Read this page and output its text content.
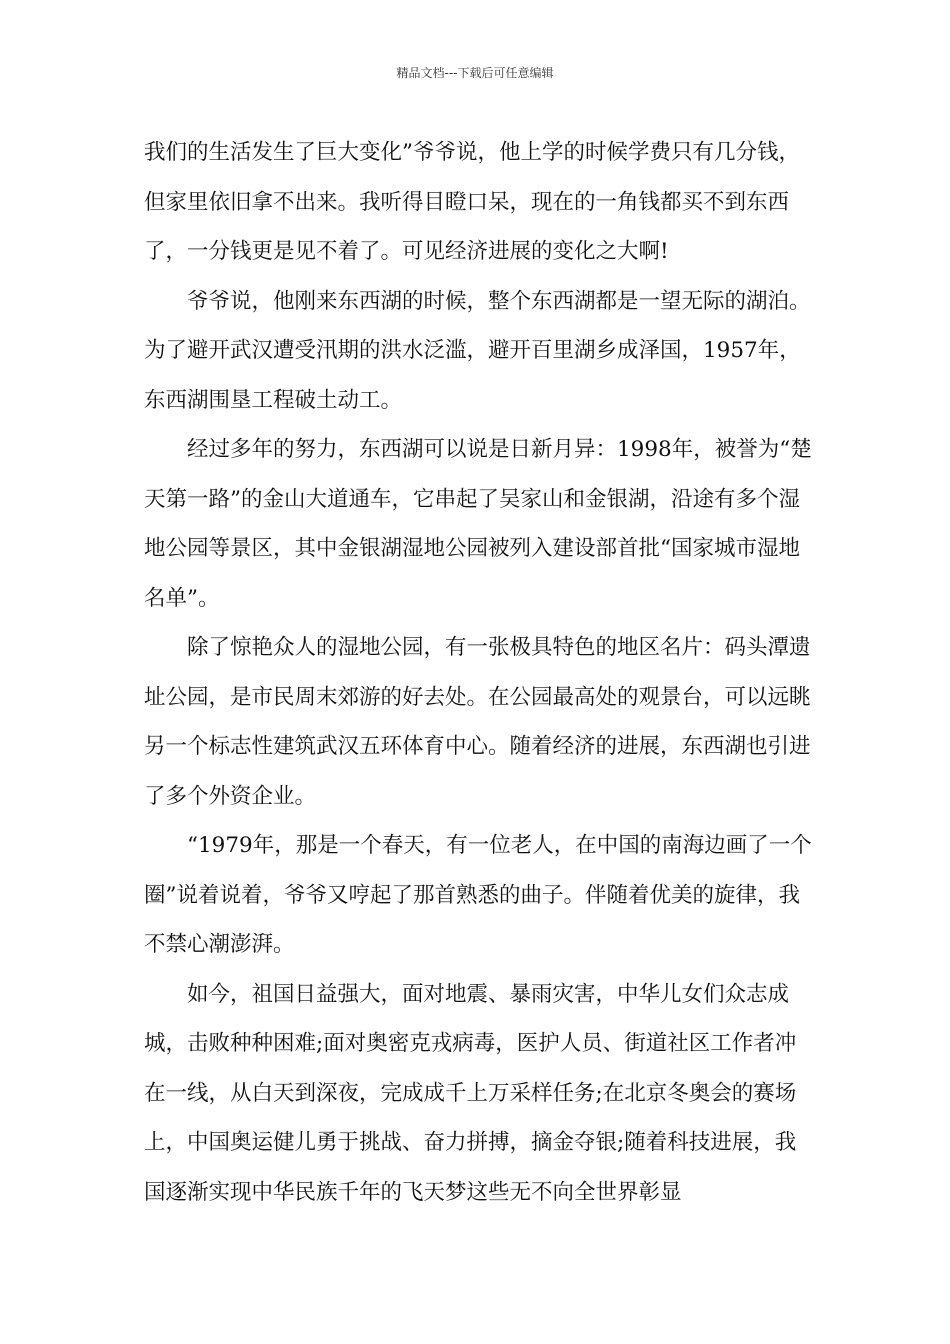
精品文档---下载后可任意编辑

我们的生活发生了巨大变化”爷爷说，他上学的时候学费只有几分钱，但家里依旧拿不出来。我听得目瞪口呆，现在的一角钱都买不到东西了，一分钱更是见不着了。可见经济进展的变化之大啊!

爷爷说，他刚来东西湖的时候，整个东西湖都是一望无际的湖泊。为了避开武汉遭受汛期的洪水泛滥，避开百里湖乡成泽国，1957年，东西湖围垦工程破土动工。

经过多年的努力，东西湖可以说是日新月异：1998年，被誉为“楚天第一路”的金山大道通车，它串起了吴家山和金银湖，沿途有多个湿地公园等景区，其中金银湖湿地公园被列入建设部首批“国家城市湿地名单”。

除了惊艳众人的湿地公园，有一张极具特色的地区名片：码头潭遗址公园，是市民周末郊游的好去处。在公园最高处的观景台，可以远眺另一个标志性建筑武汉五环体育中心。随着经济的进展，东西湖也引进了多个外资企业。

“1979年，那是一个春天，有一位老人，在中国的南海边画了一个圈”说着说着，爷爷又哼起了那首熟悉的曲子。伴随着优美的旋律，我不禁心潮澎湃。

如今，祖国日益强大，面对地震、暴雨灾害，中华儿女们众志成城，击败种种困难;面对奥密克戎病毒，医护人员、街道社区工作者冲在一线，从白天到深夜，完成成千上万采样任务;在北京冬奥会的赛场上，中国奥运健儿勇于挑战、奋力拼搏，摘金夺银;随着科技进展，我国逐渐实现中华民族千年的飞天梦这些无不向全世界彰显
